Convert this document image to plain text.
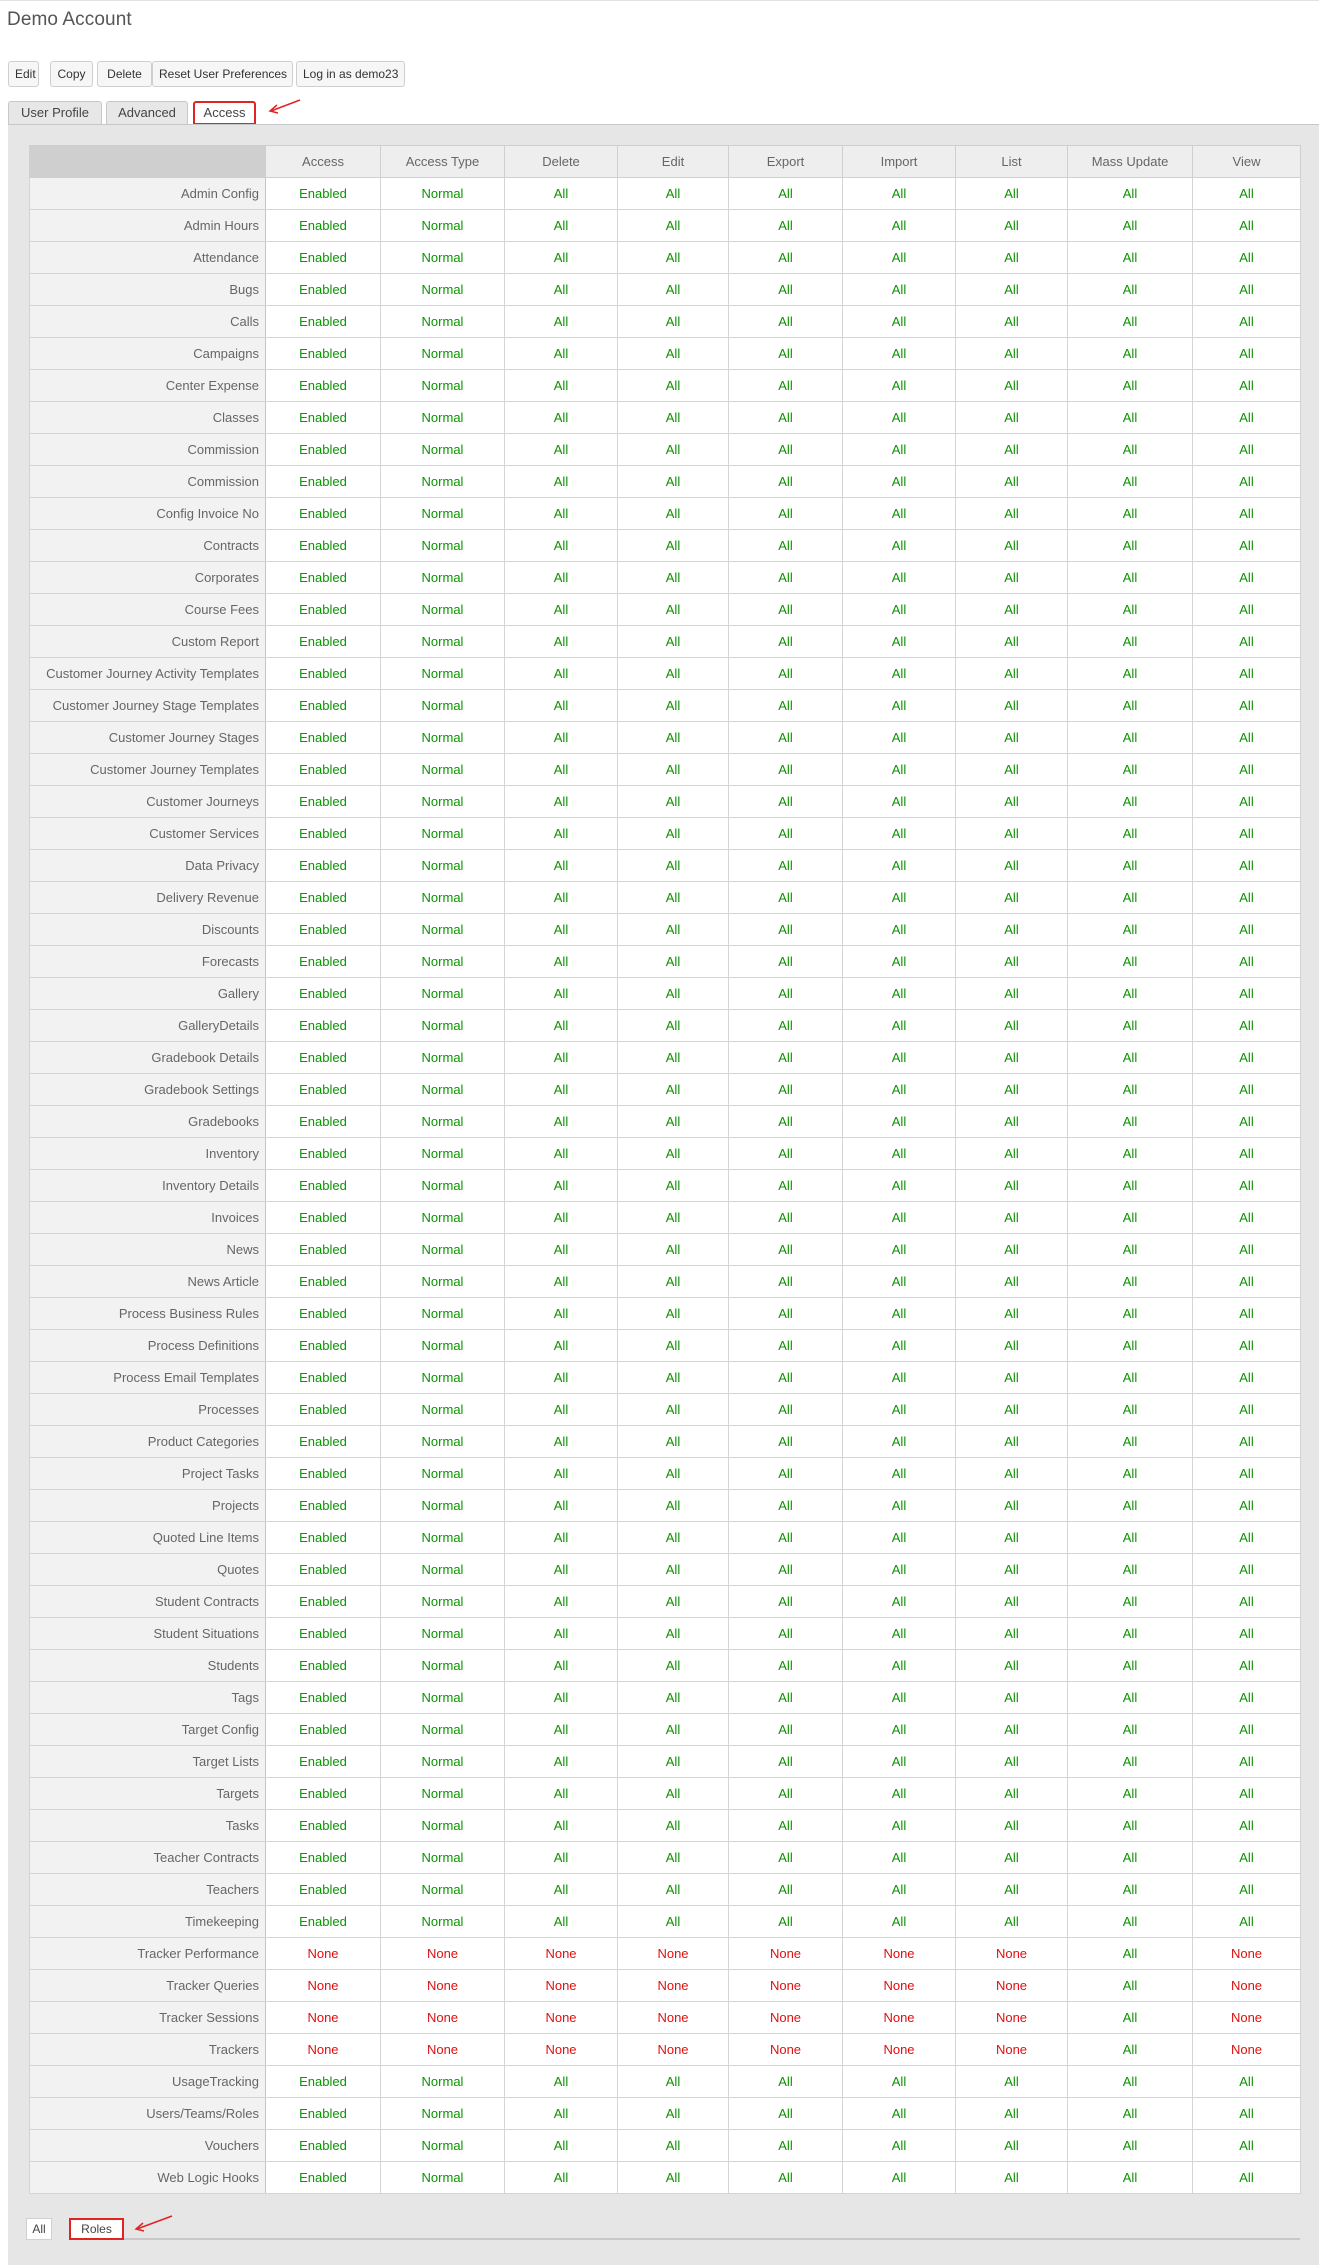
Demo Account
Edit	Copy	Delete	Reset User Preferences	Log in as demo23
User Profile	Advanced	Access
	Access	Access Type	Delete	Edit	Export	Import	List	Mass Update	View
Admin Config	Enabled	Normal	All	All	All	All	All	All	All
Admin Hours	Enabled	Normal	All	All	All	All	All	All	All
Attendance	Enabled	Normal	All	All	All	All	All	All	All
Bugs	Enabled	Normal	All	All	All	All	All	All	All
Calls	Enabled	Normal	All	All	All	All	All	All	All
Campaigns	Enabled	Normal	All	All	All	All	All	All	All
Center Expense	Enabled	Normal	All	All	All	All	All	All	All
Classes	Enabled	Normal	All	All	All	All	All	All	All
Commission	Enabled	Normal	All	All	All	All	All	All	All
Commission	Enabled	Normal	All	All	All	All	All	All	All
Config Invoice No	Enabled	Normal	All	All	All	All	All	All	All
Contracts	Enabled	Normal	All	All	All	All	All	All	All
Corporates	Enabled	Normal	All	All	All	All	All	All	All
Course Fees	Enabled	Normal	All	All	All	All	All	All	All
Custom Report	Enabled	Normal	All	All	All	All	All	All	All
Customer Journey Activity Templates	Enabled	Normal	All	All	All	All	All	All	All
Customer Journey Stage Templates	Enabled	Normal	All	All	All	All	All	All	All
Customer Journey Stages	Enabled	Normal	All	All	All	All	All	All	All
Customer Journey Templates	Enabled	Normal	All	All	All	All	All	All	All
Customer Journeys	Enabled	Normal	All	All	All	All	All	All	All
Customer Services	Enabled	Normal	All	All	All	All	All	All	All
Data Privacy	Enabled	Normal	All	All	All	All	All	All	All
Delivery Revenue	Enabled	Normal	All	All	All	All	All	All	All
Discounts	Enabled	Normal	All	All	All	All	All	All	All
Forecasts	Enabled	Normal	All	All	All	All	All	All	All
Gallery	Enabled	Normal	All	All	All	All	All	All	All
GalleryDetails	Enabled	Normal	All	All	All	All	All	All	All
Gradebook Details	Enabled	Normal	All	All	All	All	All	All	All
Gradebook Settings	Enabled	Normal	All	All	All	All	All	All	All
Gradebooks	Enabled	Normal	All	All	All	All	All	All	All
Inventory	Enabled	Normal	All	All	All	All	All	All	All
Inventory Details	Enabled	Normal	All	All	All	All	All	All	All
Invoices	Enabled	Normal	All	All	All	All	All	All	All
News	Enabled	Normal	All	All	All	All	All	All	All
News Article	Enabled	Normal	All	All	All	All	All	All	All
Process Business Rules	Enabled	Normal	All	All	All	All	All	All	All
Process Definitions	Enabled	Normal	All	All	All	All	All	All	All
Process Email Templates	Enabled	Normal	All	All	All	All	All	All	All
Processes	Enabled	Normal	All	All	All	All	All	All	All
Product Categories	Enabled	Normal	All	All	All	All	All	All	All
Project Tasks	Enabled	Normal	All	All	All	All	All	All	All
Projects	Enabled	Normal	All	All	All	All	All	All	All
Quoted Line Items	Enabled	Normal	All	All	All	All	All	All	All
Quotes	Enabled	Normal	All	All	All	All	All	All	All
Student Contracts	Enabled	Normal	All	All	All	All	All	All	All
Student Situations	Enabled	Normal	All	All	All	All	All	All	All
Students	Enabled	Normal	All	All	All	All	All	All	All
Tags	Enabled	Normal	All	All	All	All	All	All	All
Target Config	Enabled	Normal	All	All	All	All	All	All	All
Target Lists	Enabled	Normal	All	All	All	All	All	All	All
Targets	Enabled	Normal	All	All	All	All	All	All	All
Tasks	Enabled	Normal	All	All	All	All	All	All	All
Teacher Contracts	Enabled	Normal	All	All	All	All	All	All	All
Teachers	Enabled	Normal	All	All	All	All	All	All	All
Timekeeping	Enabled	Normal	All	All	All	All	All	All	All
Tracker Performance	None	None	None	None	None	None	None	All	None
Tracker Queries	None	None	None	None	None	None	None	All	None
Tracker Sessions	None	None	None	None	None	None	None	All	None
Trackers	None	None	None	None	None	None	None	All	None
UsageTracking	Enabled	Normal	All	All	All	All	All	All	All
Users/Teams/Roles	Enabled	Normal	All	All	All	All	All	All	All
Vouchers	Enabled	Normal	All	All	All	All	All	All	All
Web Logic Hooks	Enabled	Normal	All	All	All	All	All	All	All
All	Roles
